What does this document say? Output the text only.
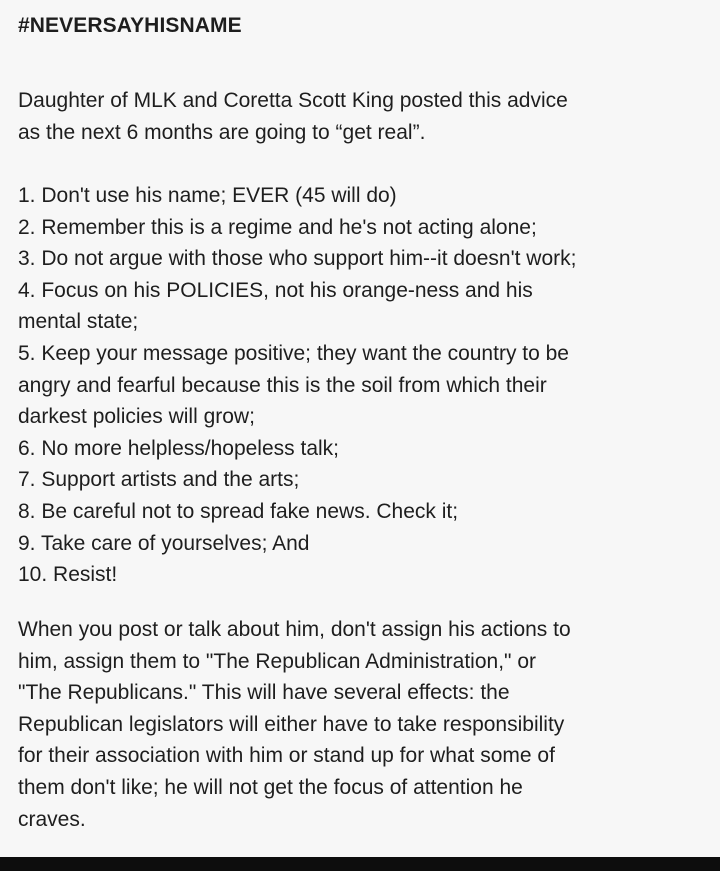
#NEVERSAYHISNAME

Daughter of MLK and Coretta Scott King posted this advice

as the next 6 months are going to “get real”.

1. Don't use his name; EVER (45 will do)
2. Remember this is a regime and he's not acting alone;
3. Do not argue with those who support him--it doesn't work;
4. Focus on his POLICIES, not his orange-ness and his
mental state;
5. Keep your message positive; they want the country to be
angry and fearful because this is the soil from which their
darkest policies will grow;
6. No more helpless/hopeless talk;
7. Support artists and the arts;
8. Be careful not to spread fake news. Check it;
9. Take care of yourselves; And
10. Resist!

When you post or talk about him, don't assign his actions to
him, assign them to "The Republican Administration," or
"The Republicans." This will have several effects: the
Republican legislators will either have to take responsibility
for their association with him or stand up for what some of
them don't like; he will not get the focus of attention he
craves.
